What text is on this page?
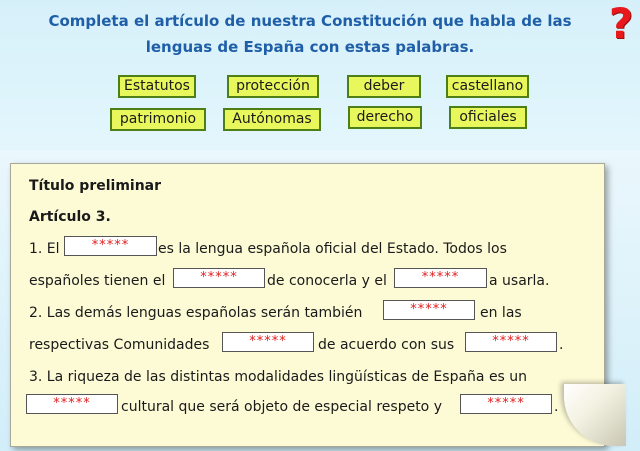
Completa el artículo de nuestra Constitución que habla de las
lenguas de España con estas palabras.	?
Estatutos	protección	deber	castellano
patrimonio	Autónomas	derecho	oficiales
Título preliminar
Artículo 3.
1. El	*****	es la lengua española oficial del Estado. Todos los
españoles tienen el	*****	de conocerla y el	*****	a usarla.
2. Las demás lenguas españolas serán también	*****	en las
respectivas Comunidades	*****	de acuerdo con sus	*****	.
3. La riqueza de las distintas modalidades lingüísticas de España es un
*****	cultural que será objeto de especial respeto y	*****	.
